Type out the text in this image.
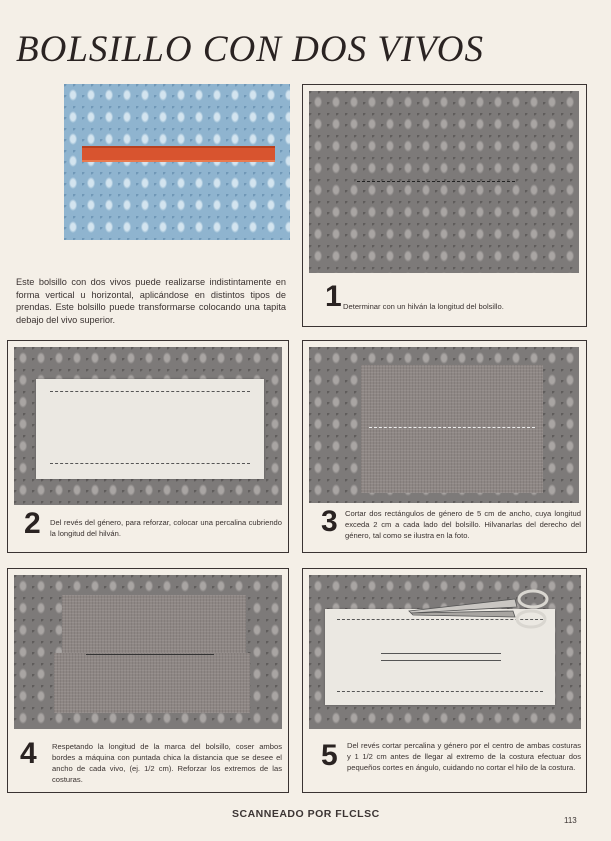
BOLSILLO CON DOS VIVOS

Este bolsillo con dos vivos puede realizarse indistintamente en forma vertical u horizontal, aplicándose en distintos tipos de prendas. Este bolsillo puede transformarse colocando una tapita debajo del vivo superior.

1 Determinar con un hilván la longitud del bolsillo.

2 Del revés del género, para reforzar, colocar una percalina cubriendo la longitud del hilván.	3 Cortar dos rectángulos de género de 5 cm de ancho, cuya longitud exceda 2 cm a cada lado del bolsillo. Hilvanarlas del derecho del género, tal como se ilustra en la foto.

4 Respetando la longitud de la marca del bolsillo, coser ambos bordes a máquina con puntada chica la distancia que se desee el ancho de cada vivo, (ej. 1/2 cm). Reforzar los extremos de las costuras.

5 Del revés cortar percalina y género por el centro de ambas costuras y 1 1/2 cm antes de llegar al extremo de la costura efectuar dos pequeños cortes en ángulo, cuidando no cortar el hilo de la costura.

SCANNEADO POR FLCLSC
113
